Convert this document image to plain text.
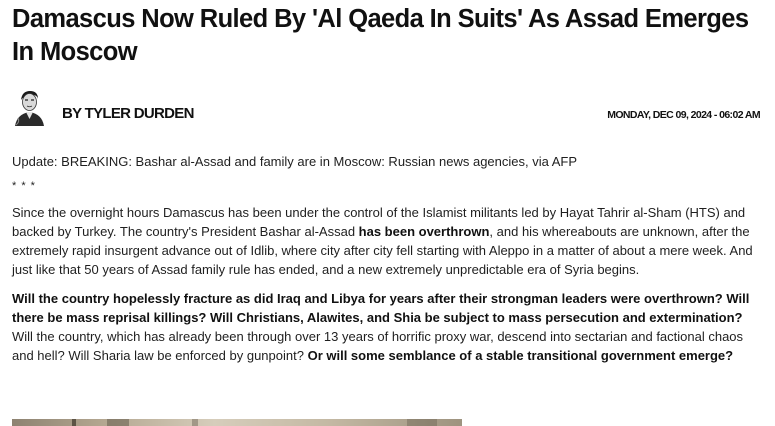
Damascus Now Ruled By 'Al Qaeda In Suits' As Assad Emerges In Moscow
BY TYLER DURDEN	MONDAY, DEC 09, 2024 - 06:02 AM

Update: BREAKING: Bashar al-Assad and family are in Moscow: Russian news agencies, via AFP

* * *

Since the overnight hours Damascus has been under the control of the Islamist militants led by Hayat Tahrir al-Sham (HTS) and backed by Turkey. The country's President Bashar al-Assad has been overthrown, and his whereabouts are unknown, after the extremely rapid insurgent advance out of Idlib, where city after city fell starting with Aleppo in a matter of about a mere week. And just like that 50 years of Assad family rule has ended, and a new extremely unpredictable era of Syria begins.

Will the country hopelessly fracture as did Iraq and Libya for years after their strongman leaders were overthrown? Will there be mass reprisal killings? Will Christians, Alawites, and Shia be subject to mass persecution and extermination? Will the country, which has already been through over 13 years of horrific proxy war, descend into sectarian and factional chaos and hell? Will Sharia law be enforced by gunpoint? Or will some semblance of a stable transitional government emerge?
